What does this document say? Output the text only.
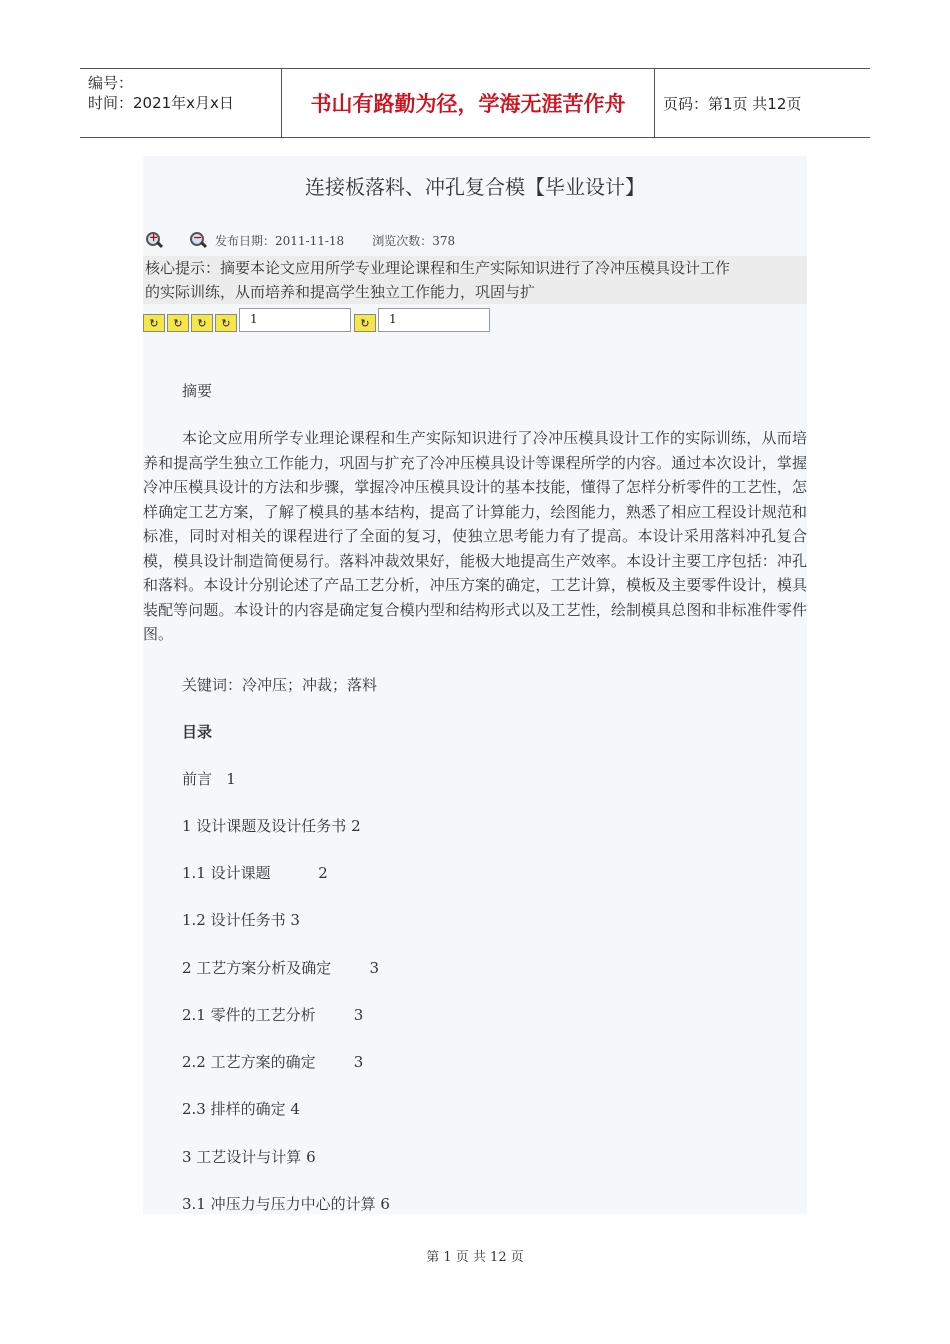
编号：
时间：2021年x月x日	书山有路勤为径，学海无涯苦作舟	页码：第1页 共12页
连接板落料、冲孔复合模【毕业设计】
+	− 发布日期：2011-11-18 浏览次数：378
核心提示：摘要本论文应用所学专业理论课程和生产实际知识进行了冷冲压模具设计工作
的实际训练，从而培养和提高学生独立工作能力，巩固与扩
↻	↻	↻	↻	1	↻	1
摘要
本论文应用所学专业理论课程和生产实际知识进行了冷冲压模具设计工作的实际训练，从而培养和提高学生独立工作能力，巩固与扩充了冷冲压模具设计等课程所学的内容。通过本次设计，掌握冷冲压模具设计的方法和步骤，掌握冷冲压模具设计的基本技能，懂得了怎样分析零件的工艺性，怎样确定工艺方案，了解了模具的基本结构，提高了计算能力，绘图能力，熟悉了相应工程设计规范和标准，同时对相关的课程进行了全面的复习，使独立思考能力有了提高。本设计采用落料冲孔复合模，模具设计制造简便易行。落料冲裁效果好，能极大地提高生产效率。本设计主要工序包括：冲孔和落料。本设计分别论述了产品工艺分析，冲压方案的确定，工艺计算，模板及主要零件设计，模具装配等问题。本设计的内容是确定复合模内型和结构形式以及工艺性，绘制模具总图和非标准件零件图。
关键词：冷冲压；冲裁；落料
目录
前言   1
1 设计课题及设计任务书 2
1.1 设计课题          2
1.2 设计任务书 3
2 工艺方案分析及确定        3
2.1 零件的工艺分析        3
2.2 工艺方案的确定        3
2.3 排样的确定 4
3 工艺设计与计算 6
3.1 冲压力与压力中心的计算 6
第 1 页 共 12 页
